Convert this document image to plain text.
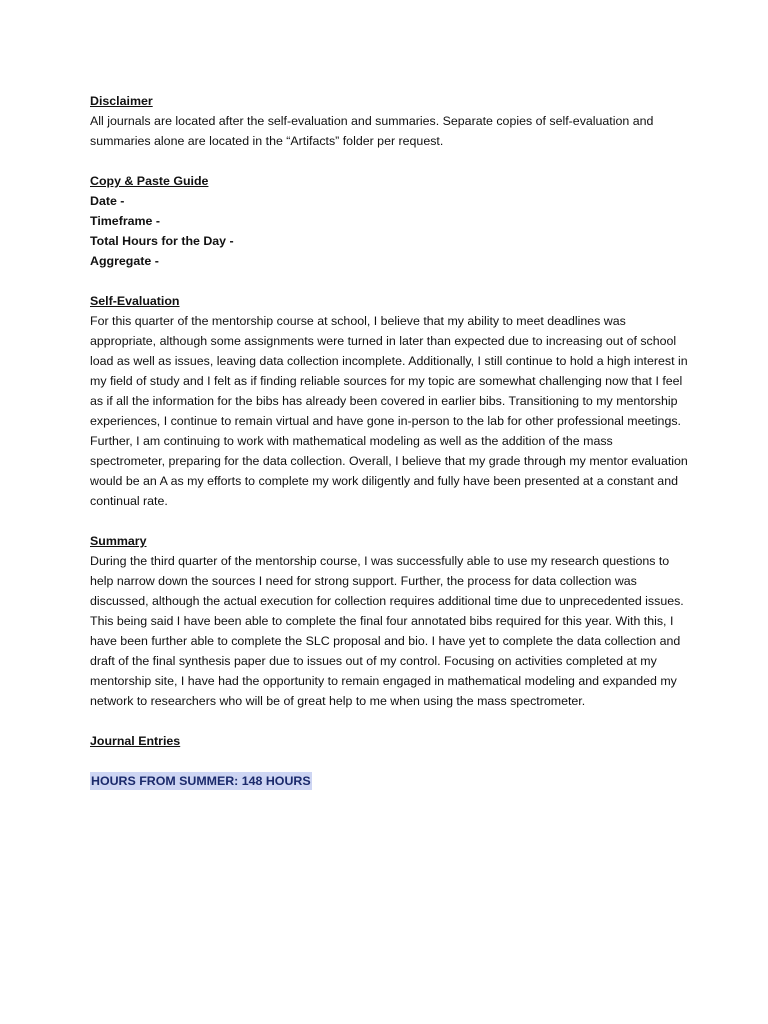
Disclaimer

All journals are located after the self-evaluation and summaries. Separate copies of self-evaluation and summaries alone are located in the “Artifacts” folder per request.

Copy & Paste Guide

Date -

Timeframe -

Total Hours for the Day -

Aggregate -

Self-Evaluation

For this quarter of the mentorship course at school, I believe that my ability to meet deadlines was appropriate, although some assignments were turned in later than expected due to increasing out of school load as well as issues, leaving data collection incomplete. Additionally, I still continue to hold a high interest in my field of study and I felt as if finding reliable sources for my topic are somewhat challenging now that I feel as if all the information for the bibs has already been covered in earlier bibs. Transitioning to my mentorship experiences, I continue to remain virtual and have gone in-person to the lab for other professional meetings. Further, I am continuing to work with mathematical modeling as well as the addition of the mass spectrometer, preparing for the data collection. Overall, I believe that my grade through my mentor evaluation would be an A as my efforts to complete my work diligently and fully have been presented at a constant and continual rate.

Summary

During the third quarter of the mentorship course, I was successfully able to use my research questions to help narrow down the sources I need for strong support. Further, the process for data collection was discussed, although the actual execution for collection requires additional time due to unprecedented issues. This being said I have been able to complete the final four annotated bibs required for this year. With this, I have been further able to complete the SLC proposal and bio. I have yet to complete the data collection and draft of the final synthesis paper due to issues out of my control. Focusing on activities completed at my mentorship site, I have had the opportunity to remain engaged in mathematical modeling and expanded my network to researchers who will be of great help to me when using the mass spectrometer.

Journal Entries

HOURS FROM SUMMER: 148 HOURS
